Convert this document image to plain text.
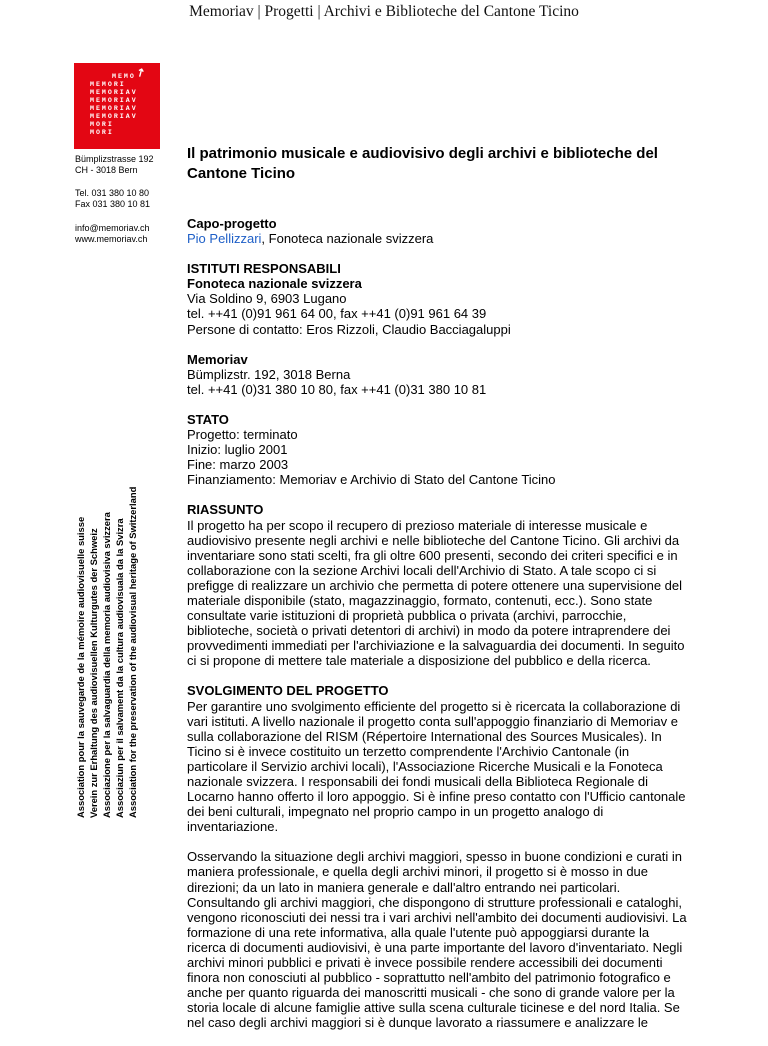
Memoriav | Progetti | Archivi e Biblioteche del Cantone Ticino
↗
MEMO
MEMORI
MEMORIAV
MEMORIAV
MEMORIAV
MEMORIAV
MORI
MORI
Bümplizstrasse 192
CH - 3018 Bern
Tel. 031 380 10 80
Fax 031 380 10 81
info@memoriav.ch
www.memoriav.ch
Association pour la sauvegarde de la mémoire audiovisuelle suisse Verein zur Erhaltung des audiovisuellen Kulturgutes der Schweiz Associazione per la salvaguardia della memoria audiovisiva svizzera Associaziun per il salvament da la cultura audiovisuala da la Svizra Association for the preservation of the audiovisual heritage of Switzerland
Il patrimonio musicale e audiovisivo degli archivi e biblioteche del Cantone Ticino

Capo-progetto

Pio Pellizzari, Fonoteca nazionale svizzera

ISTITUTI RESPONSABILI

Fonoteca nazionale svizzera

Via Soldino 9, 6903 Lugano

tel. ++41 (0)91 961 64 00, fax ++41 (0)91 961 64 39

Persone di contatto: Eros Rizzoli, Claudio Bacciagaluppi

Memoriav

Bümplizstr. 192, 3018 Berna

tel. ++41 (0)31 380 10 80, fax ++41 (0)31 380 10 81

STATO

Progetto: terminato

Inizio: luglio 2001

Fine: marzo 2003

Finanziamento: Memoriav e Archivio di Stato del Cantone Ticino

RIASSUNTO

Il progetto ha per scopo il recupero di prezioso materiale di interesse musicale e audiovisivo presente negli archivi e nelle biblioteche del Cantone Ticino. Gli archivi da inventariare sono stati scelti, fra gli oltre 600 presenti, secondo dei criteri specifici e in collaborazione con la sezione Archivi locali dell'Archivio di Stato. A tale scopo ci si prefigge di realizzare un archivio che permetta di potere ottenere una supervisione del materiale disponibile (stato, magazzinaggio, formato, contenuti, ecc.). Sono state consultate varie istituzioni di proprietà pubblica o privata (archivi, parrocchie, biblioteche, società o privati detentori di archivi) in modo da potere intraprendere dei provvedimenti immediati per l'archiviazione e la salvaguardia dei documenti. In seguito ci si propone di mettere tale materiale a disposizione del pubblico e della ricerca.

SVOLGIMENTO DEL PROGETTO

Per garantire uno svolgimento efficiente del progetto si è ricercata la collaborazione di vari istituti. A livello nazionale il progetto conta sull'appoggio finanziario di Memoriav e sulla collaborazione del RISM (Répertoire International des Sources Musicales). In Ticino si è invece costituito un terzetto comprendente l'Archivio Cantonale (in particolare il Servizio archivi locali), l'Associazione Ricerche Musicali e la Fonoteca nazionale svizzera. I responsabili dei fondi musicali della Biblioteca Regionale di Locarno hanno offerto il loro appoggio. Si è infine preso contatto con l'Ufficio cantonale dei beni culturali, impegnato nel proprio campo in un progetto analogo di inventariazione.

Osservando la situazione degli archivi maggiori, spesso in buone condizioni e curati in maniera professionale, e quella degli archivi minori, il progetto si è mosso in due direzioni; da un lato in maniera generale e dall'altro entrando nei particolari. Consultando gli archivi maggiori, che dispongono di strutture professionali e cataloghi, vengono riconosciuti dei nessi tra i vari archivi nell'ambito dei documenti audiovisivi. La formazione di una rete informativa, alla quale l'utente può appoggiarsi durante la ricerca di documenti audiovisivi, è una parte importante del lavoro d'inventariato. Negli archivi minori pubblici e privati è invece possibile rendere accessibili dei documenti finora non conosciuti al pubblico - soprattutto nell'ambito del patrimonio fotografico e anche per quanto riguarda dei manoscritti musicali - che sono di grande valore per la storia locale di alcune famiglie attive sulla scena culturale ticinese e del nord Italia. Se nel caso degli archivi maggiori si è dunque lavorato a riassumere e analizzare le
